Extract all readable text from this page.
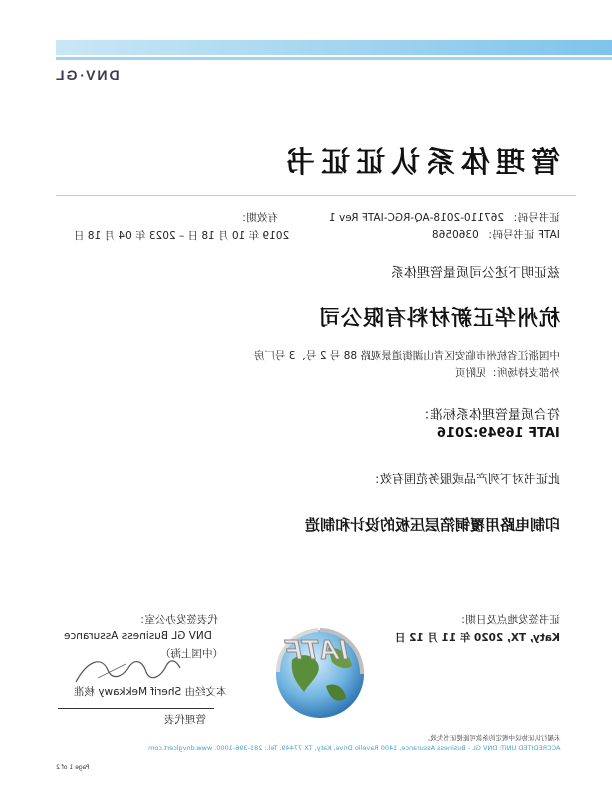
DNV·GL
管理体系认证证书
证书号码： 267110-2018-AQ-RGC-IATF Rev 1
IATF 证书号码： 0360568
有效期：
2019 年 10 月 18 日 – 2023 年 04 月 18 日
兹证明下述公司质量管理体系
杭州华正新材料有限公司
中国浙江省杭州市临安区青山湖街道景观路 88 号 2 号、3 号厂房
外部支持场所：见附页
符合质量管理体系标准：
IATF 16949:2016
此证书对下列产品或服务范围有效：
印制电路用覆铜箔层压板的设计和制造
证书签发地点及日期：
Katy, TX, 2020 年 11 月 12 日
代表签发办公室：
DNV GL Business Assurance
（中国上海）
本文经由 Sherif Mekkawy 核准
管理代表
IATF
未履行认证协议中规定的条款可能使证书失效。
ACCREDITED UNIT: DNV GL - Business Assurance, 1400 Ravello Drive, Katy, TX 77449. Tel.: 281-396-1000. www.dnvglcert.com
Page 1 of 2
